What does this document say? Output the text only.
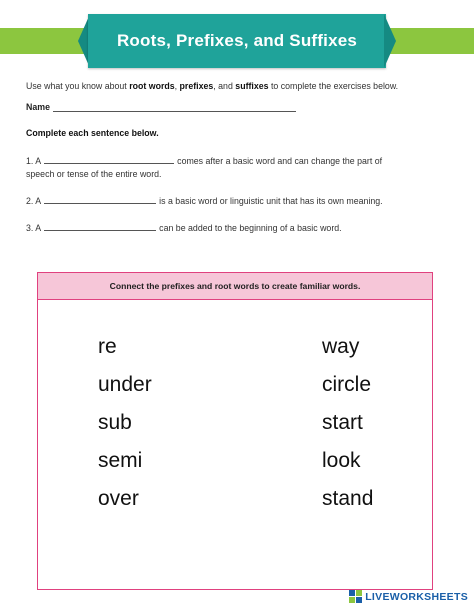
Roots, Prefixes, and Suffixes
Use what you know about root words, prefixes, and suffixes to complete the exercises below.
Name
Complete each sentence below.
1. A	comes after a basic word and can change the part of
speech or tense of the entire word.
2. A	is a basic word or linguistic unit that has its own meaning.
3. A	can be added to the beginning of a basic word.
Connect the prefixes and root words to create familiar words.
re
under
sub
semi
over
way
circle
start
look
stand
LIVEWORKSHEETS
